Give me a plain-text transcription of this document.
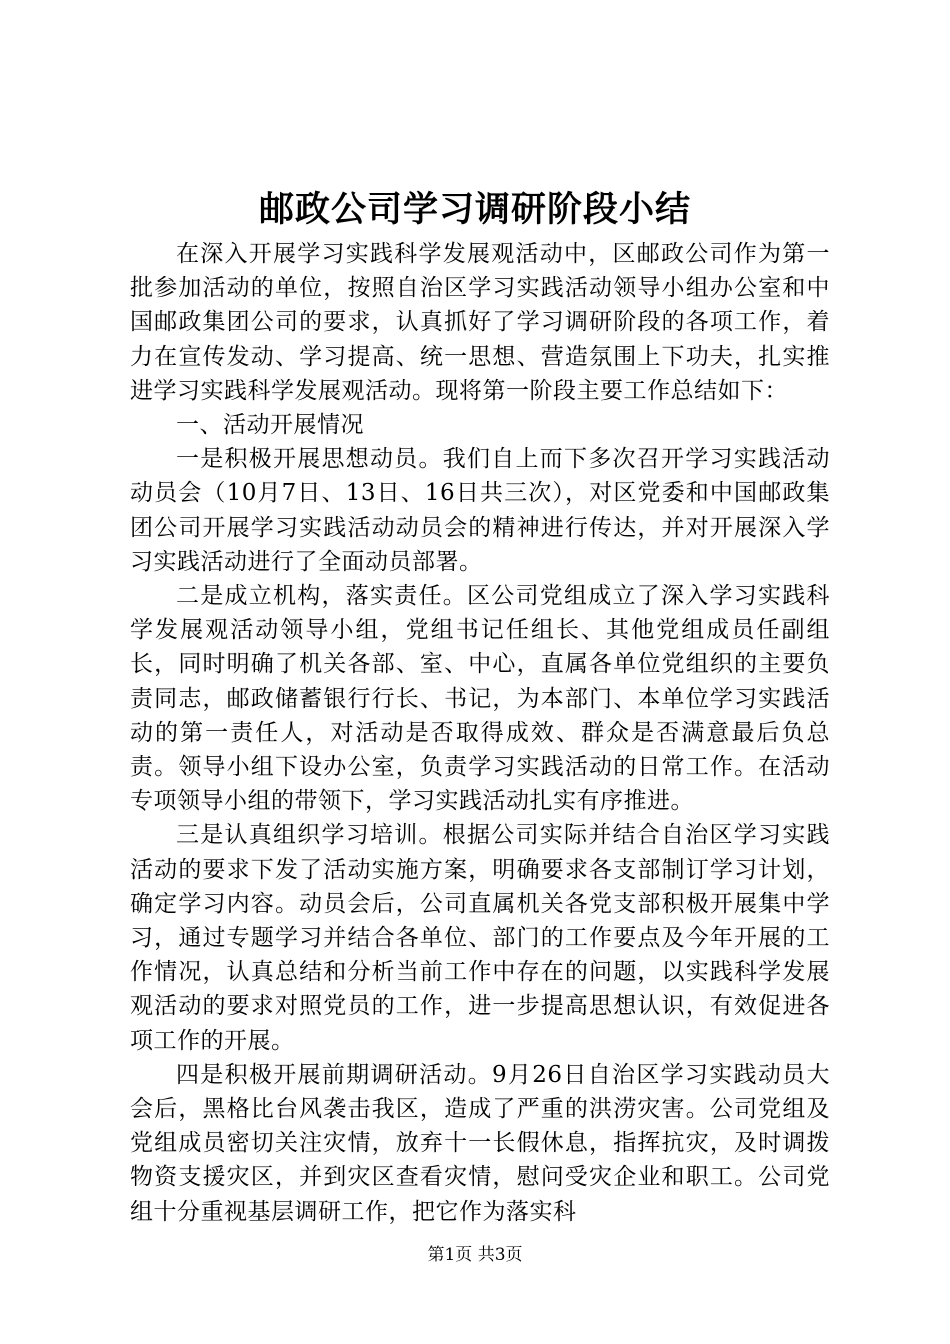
邮政公司学习调研阶段小结

在深入开展学习实践科学发展观活动中，区邮政公司作为第一批参加活动的单位，按照自治区学习实践活动领导小组办公室和中国邮政集团公司的要求，认真抓好了学习调研阶段的各项工作，着力在宣传发动、学习提高、统一思想、营造氛围上下功夫，扎实推进学习实践科学发展观活动。现将第一阶段主要工作总结如下：

一、活动开展情况

一是积极开展思想动员。我们自上而下多次召开学习实践活动动员会（10月7日、13日、16日共三次），对区党委和中国邮政集团公司开展学习实践活动动员会的精神进行传达，并对开展深入学习实践活动进行了全面动员部署。

二是成立机构，落实责任。区公司党组成立了深入学习实践科学发展观活动领导小组，党组书记任组长、其他党组成员任副组长，同时明确了机关各部、室、中心，直属各单位党组织的主要负责同志，邮政储蓄银行行长、书记，为本部门、本单位学习实践活动的第一责任人，对活动是否取得成效、群众是否满意最后负总责。领导小组下设办公室，负责学习实践活动的日常工作。在活动专项领导小组的带领下，学习实践活动扎实有序推进。

三是认真组织学习培训。根据公司实际并结合自治区学习实践活动的要求下发了活动实施方案，明确要求各支部制订学习计划，确定学习内容。动员会后，公司直属机关各党支部积极开展集中学习，通过专题学习并结合各单位、部门的工作要点及今年开展的工作情况，认真总结和分析当前工作中存在的问题，以实践科学发展观活动的要求对照党员的工作，进一步提高思想认识，有效促进各项工作的开展。

四是积极开展前期调研活动。9月26日自治区学习实践动员大会后，黑格比台风袭击我区，造成了严重的洪涝灾害。公司党组及党组成员密切关注灾情，放弃十一长假休息，指挥抗灾，及时调拨物资支援灾区，并到灾区查看灾情，慰问受灾企业和职工。公司党组十分重视基层调研工作，把它作为落实科

第1页 共3页
